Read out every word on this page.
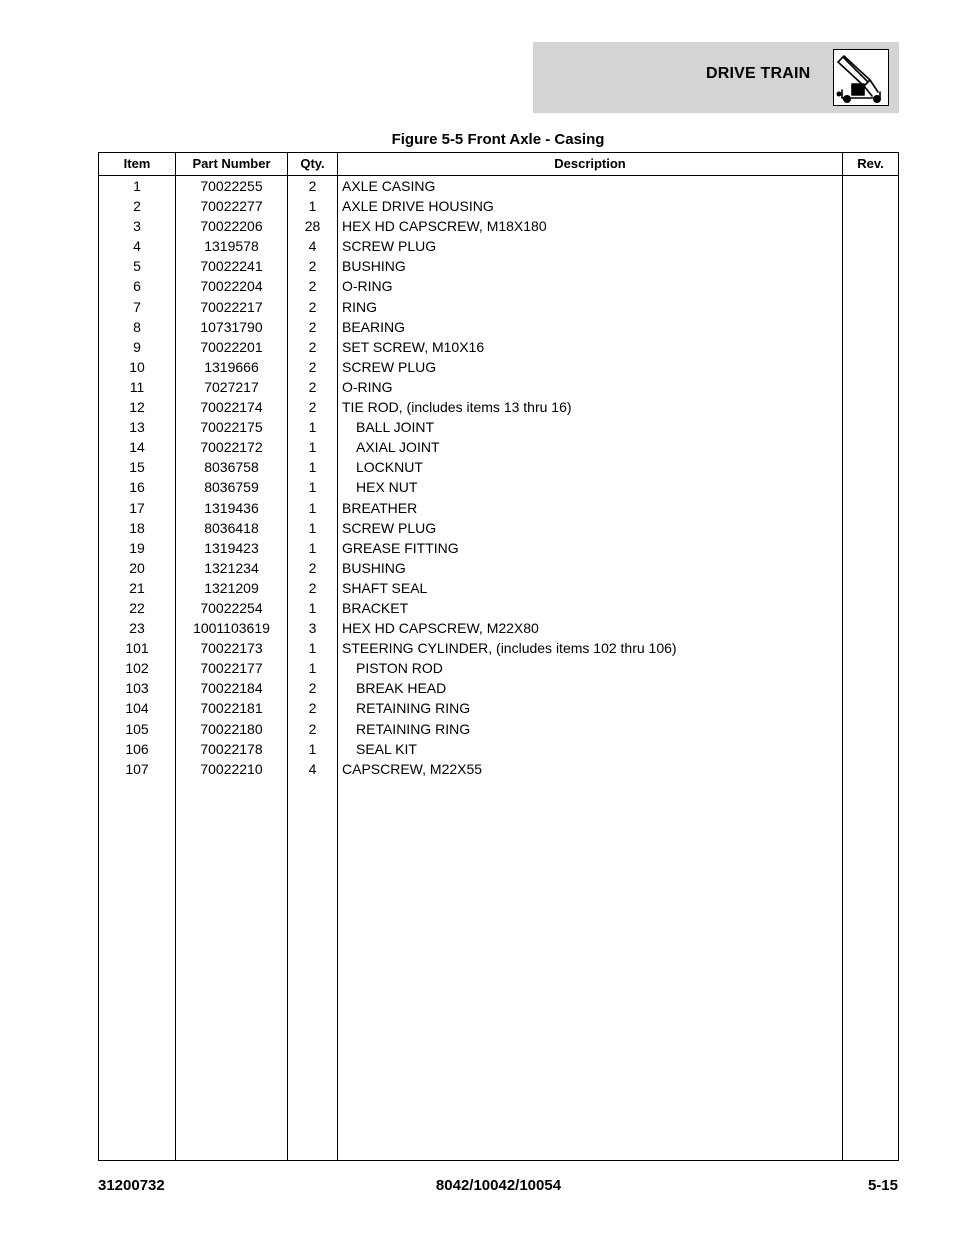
DRIVE TRAIN
Figure 5-5 Front Axle - Casing
Item	Part Number	Qty.	Description	Rev.
1	70022255	2	AXLE CASING
2	70022277	1	AXLE DRIVE HOUSING
3	70022206	28	HEX HD CAPSCREW, M18X180
4	1319578	4	SCREW PLUG
5	70022241	2	BUSHING
6	70022204	2	O-RING
7	70022217	2	RING
8	10731790	2	BEARING
9	70022201	2	SET SCREW, M10X16
10	1319666	2	SCREW PLUG
11	7027217	2	O-RING
12	70022174	2	TIE ROD, (includes items 13 thru 16)
13	70022175	1	BALL JOINT
14	70022172	1	AXIAL JOINT
15	8036758	1	LOCKNUT
16	8036759	1	HEX NUT
17	1319436	1	BREATHER
18	8036418	1	SCREW PLUG
19	1319423	1	GREASE FITTING
20	1321234	2	BUSHING
21	1321209	2	SHAFT SEAL
22	70022254	1	BRACKET
23	1001103619	3	HEX HD CAPSCREW, M22X80
101	70022173	1	STEERING CYLINDER, (includes items 102 thru 106)
102	70022177	1	PISTON ROD
103	70022184	2	BREAK HEAD
104	70022181	2	RETAINING RING
105	70022180	2	RETAINING RING
106	70022178	1	SEAL KIT
107	70022210	4	CAPSCREW, M22X55
31200732	8042/10042/10054	5-15
